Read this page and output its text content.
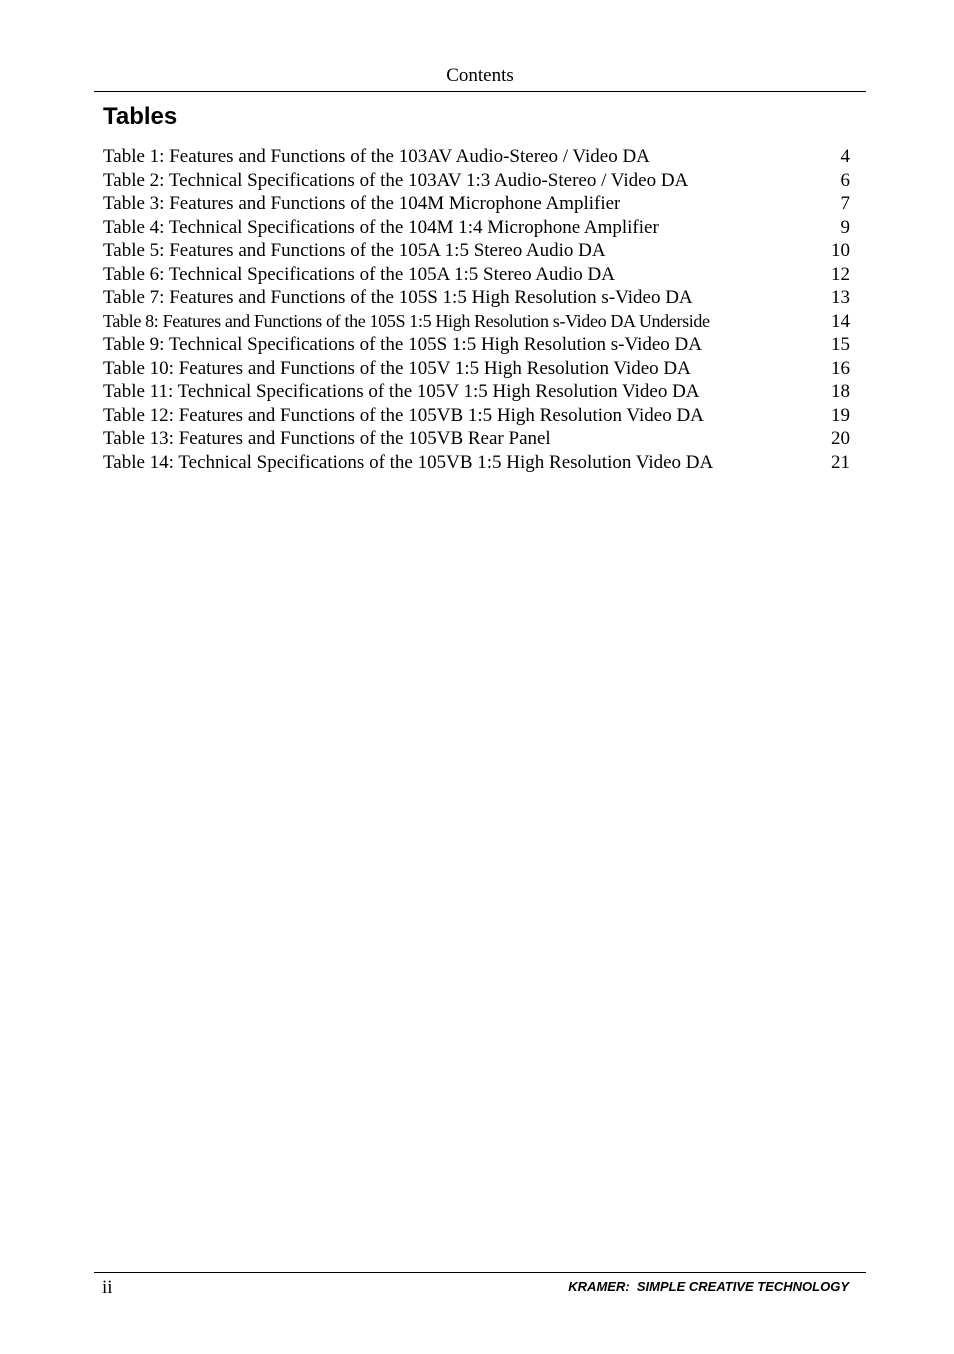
Contents
Tables
Table 1: Features and Functions of the 103AV Audio-Stereo / Video DA	4
Table 2: Technical Specifications of the 103AV 1:3 Audio-Stereo / Video DA	6
Table 3: Features and Functions of the 104M Microphone Amplifier	7
Table 4: Technical Specifications of the 104M 1:4 Microphone Amplifier	9
Table 5: Features and Functions of the 105A 1:5 Stereo Audio DA	10
Table 6: Technical Specifications of the 105A 1:5 Stereo Audio DA	12
Table 7: Features and Functions of the 105S 1:5 High Resolution s-Video DA	13
Table 8: Features and Functions of the 105S 1:5 High Resolution s-Video DA Underside	14
Table 9: Technical Specifications of the 105S 1:5 High Resolution s-Video DA	15
Table 10: Features and Functions of the 105V 1:5 High Resolution Video DA	16
Table 11: Technical Specifications of the 105V 1:5 High Resolution Video DA	18
Table 12: Features and Functions of the 105VB 1:5 High Resolution Video DA	19
Table 13: Features and Functions of the 105VB Rear Panel	20
Table 14: Technical Specifications of the 105VB 1:5 High Resolution Video DA	21
ii	KRAMER:  SIMPLE CREATIVE TECHNOLOGY
